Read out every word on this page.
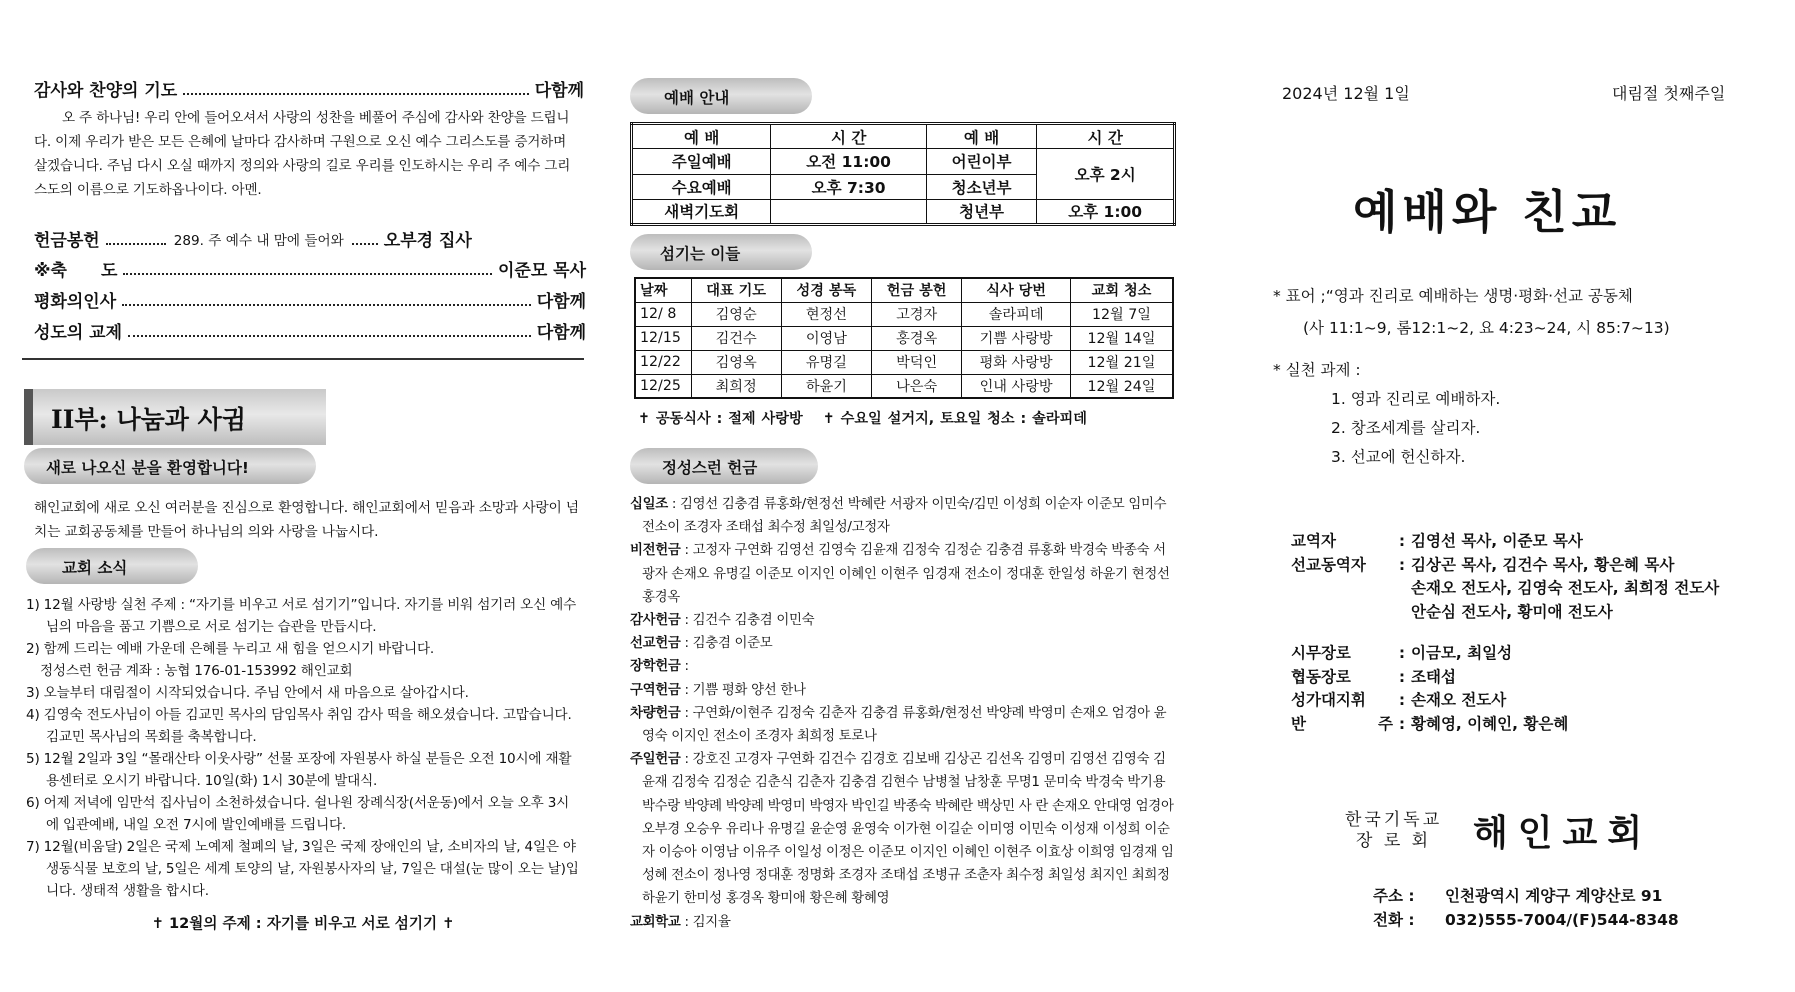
감사와 찬양의 기도	다함께

오 주 하나님! 우리 안에 들어오셔서 사랑의 성찬을 베풀어 주심에 감사와 찬양을 드립니다. 이제 우리가 받은 모든 은혜에 날마다 감사하며 구원으로 오신 예수 그리스도를 증거하며 살겠습니다. 주님 다시 오실 때까지 정의와 사랑의 길로 우리를 인도하시는 우리 주 예수 그리스도의 이름으로 기도하옵나이다. 아멘.

헌금봉헌	289. 주 예수 내 맘에 들어와 오부경 집사
※축　　도	이준모 목사
평화의인사	다함께
성도의 교제	다함께
II부: 나눔과 사귐
새로 나오신 분을 환영합니다!

해인교회에 새로 오신 여러분을 진심으로 환영합니다. 해인교회에서 믿음과 소망과 사랑이 넘치는 교회공동체를 만들어 하나님의 의와 사랑을 나눕시다.

교회 소식
1) 12월 사랑방 실천 주제 : “자기를 비우고 서로 섬기기”입니다. 자기를 비워 섬기러 오신 예수님의 마음을 품고 기쁨으로 서로 섬기는 습관을 만듭시다.
2) 함께 드리는 예배 가운데 은혜를 누리고 새 힘을 얻으시기 바랍니다.
정성스런 헌금 계좌 : 농협 176-01-153992 해인교회
3) 오늘부터 대림절이 시작되었습니다. 주님 안에서 새 마음으로 살아갑시다.
4) 김영숙 전도사님이 아들 김교민 목사의 담임목사 취임 감사 떡을 해오셨습니다. 고맙습니다. 김교민 목사님의 목회를 축복합니다.
5) 12월 2일과 3일 “몰래산타 이웃사랑” 선물 포장에 자원봉사 하실 분들은 오전 10시에 재활용센터로 오시기 바랍니다. 10일(화) 1시 30분에 발대식.
6) 어제 저녁에 임만석 집사님이 소천하셨습니다. 쉴나원 장례식장(서운동)에서 오늘 오후 3시에 입관예배, 내일 오전 7시에 발인예배를 드립니다.
7) 12월(비움달) 2일은 국제 노예제 철폐의 날, 3일은 국제 장애인의 날, 소비자의 날, 4일은 야생동식물 보호의 날, 5일은 세계 토양의 날, 자원봉사자의 날, 7일은 대설(눈 많이 오는 날)입니다. 생태적 생활을 합시다.
✝ 12월의 주제 : 자기를 비우고 서로 섬기기 ✝
예배 안내
예 배	시 간	예 배	시 간
주일예배	오전 11:00	어린이부	오후 2시
수요예배	오후 7:30	청소년부	
새벽기도회		청년부	오후 1:00
섬기는 이들
날짜	대표 기도	성경 봉독	헌금 봉헌	식사 당번	교회 청소
12/ 8	김영순	현정선	고경자	솔라피데	12월 7일
12/15	김건수	이영남	홍경옥	기쁨 사랑방	12월 14일
12/22	김영옥	유명길	박덕인	평화 사랑방	12월 21일
12/25	최희정	하윤기	나은숙	인내 사랑방	12월 24일
✝ 공동식사 : 절제 사랑방　 ✝ 수요일 설거지, 토요일 청소 : 솔라피데
정성스런 헌금
십일조 : 김영선 김충겸 류홍화/현정선 박혜란 서광자 이민숙/김민 이성희 이순자 이준모 임미수 전소이 조경자 조태섭 최수정 최일성/고정자
비전헌금 : 고정자 구연화 김영선 김영숙 김윤재 김정숙 김정순 김충겸 류홍화 박경숙 박종숙 서광자 손재오 유명길 이준모 이지인 이혜인 이현주 임경재 전소이 정대훈 한일성 하윤기 현정선 홍경옥
감사헌금 : 김건수 김충겸 이민숙
선교헌금 : 김충겸 이준모
장학헌금 :
구역헌금 : 기쁨 평화 양선 한나
차량헌금 : 구연화/이현주 김정숙 김춘자 김충겸 류홍화/현정선 박양례 박영미 손재오 엄경아 윤영숙 이지인 전소이 조경자 최희정 토로나
주일헌금 : 강호진 고경자 구연화 김건수 김경호 김보배 김상곤 김선옥 김영미 김영선 김영숙 김윤재 김정숙 김정순 김춘식 김춘자 김충겸 김현수 남병철 남창훈 무명1 문미숙 박경숙 박기용 박수랑 박양례 박양례 박영미 박영자 박인길 박종숙 박혜란 백상민 사 란 손재오 안대영 엄경아 오부경 오승우 유리나 유명길 윤순영 윤영숙 이가현 이길순 이미영 이민숙 이성재 이성희 이순자 이승아 이영남 이유주 이일성 이정은 이준모 이지인 이혜인 이현주 이효상 이희영 임경재 임성혜 전소이 정나영 정대훈 정명화 조경자 조태섭 조병규 조춘자 최수정 최일성 최지인 최희정 하윤기 한미성 홍경옥 황미애 황은혜 황혜영
교회학교 : 김지율
2024년 12월 1일	대림절 첫째주일
예배와 친교
* 표어 ;“영과 진리로 예배하는 생명·평화·선교 공동체
(사 11:1~9, 롬12:1~2, 요 4:23~24, 시 85:7~13)
* 실천 과제 :
1. 영과 진리로 예배하자.
2. 창조세계를 살리자.
3. 선교에 헌신하자.
교역자	: 김영선 목사, 이준모 목사
선교동역자	: 김상곤 목사, 김건수 목사, 황은혜 목사
손재오 전도사, 김영숙 전도사, 최희정 전도사
안순심 전도사, 황미애 전도사
시무장로	: 이금모, 최일성
협동장로	: 조태섭
성가대지휘	: 손재오 전도사
반 주 : 황혜영, 이혜인, 황은혜
한국기독교
장 로 회	해인교회
주소 :	인천광역시 계양구 계양산로 91
전화 :	032)555-7004/(F)544-8348
